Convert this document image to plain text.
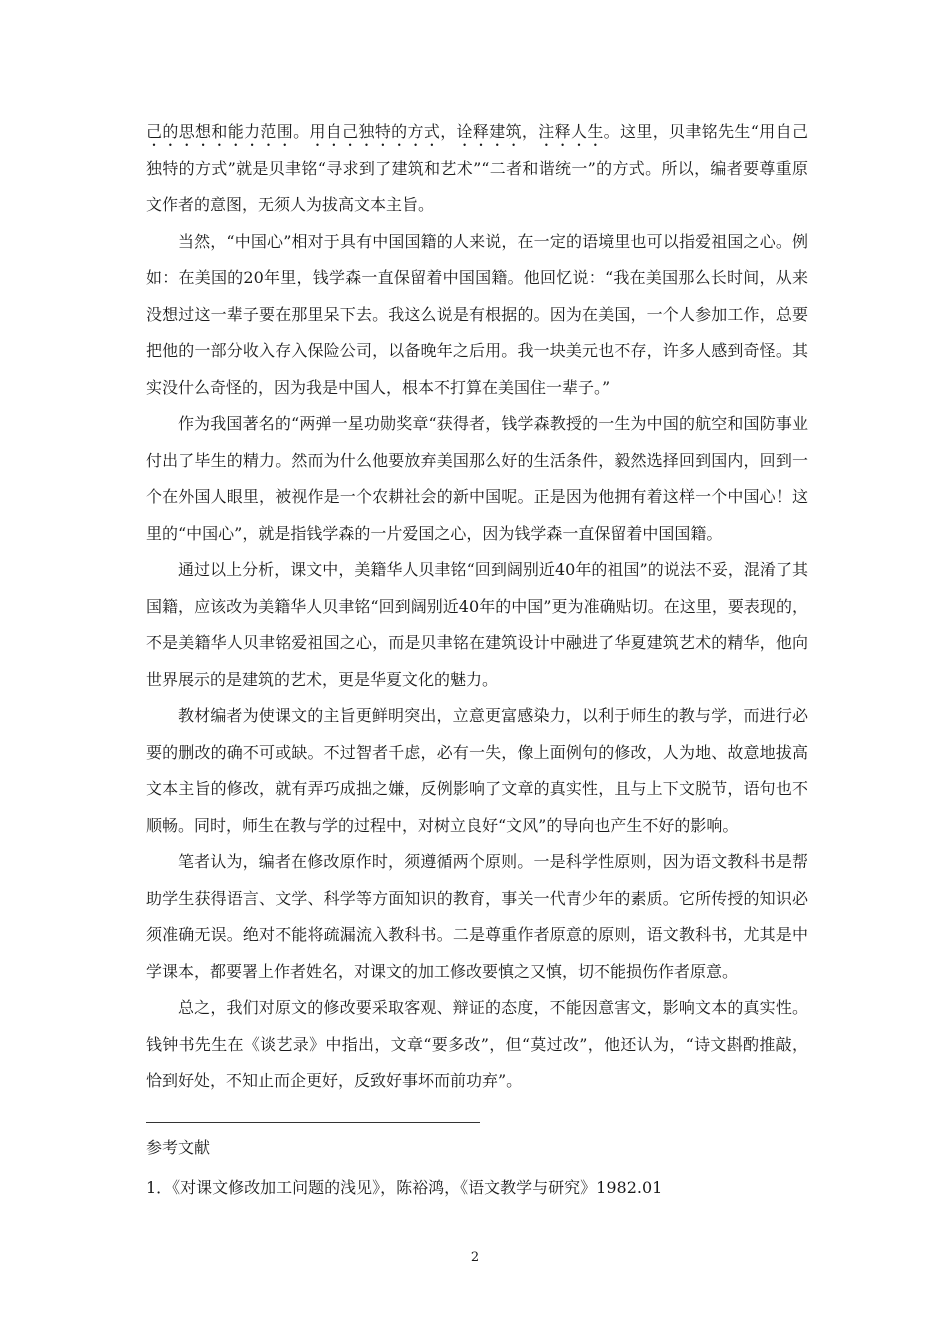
己的思想和能力范围。用自己独特的方式，诠释建筑，注释人生。这里，贝聿铭先生“用自己独特的方式”就是贝聿铭“寻求到了建筑和艺术”“二者和谐统一”的方式。所以，编者要尊重原文作者的意图，无须人为拔高文本主旨。

当然，“中国心”相对于具有中国国籍的人来说，在一定的语境里也可以指爱祖国之心。例如：在美国的20年里，钱学森一直保留着中国国籍。他回忆说：“我在美国那么长时间，从来没想过这一辈子要在那里呆下去。我这么说是有根据的。因为在美国，一个人参加工作，总要把他的一部分收入存入保险公司，以备晚年之后用。我一块美元也不存，许多人感到奇怪。其实没什么奇怪的，因为我是中国人，根本不打算在美国住一辈子。”

作为我国著名的“两弹一星功勋奖章“获得者，钱学森教授的一生为中国的航空和国防事业付出了毕生的精力。然而为什么他要放弃美国那么好的生活条件，毅然选择回到国内，回到一个在外国人眼里，被视作是一个农耕社会的新中国呢。正是因为他拥有着这样一个中国心！这里的“中国心”，就是指钱学森的一片爱国之心，因为钱学森一直保留着中国国籍。

通过以上分析，课文中，美籍华人贝聿铭“回到阔别近40年的祖国”的说法不妥，混淆了其国籍，应该改为美籍华人贝聿铭“回到阔别近40年的中国”更为准确贴切。在这里，要表现的，不是美籍华人贝聿铭爱祖国之心，而是贝聿铭在建筑设计中融进了华夏建筑艺术的精华，他向世界展示的是建筑的艺术，更是华夏文化的魅力。

教材编者为使课文的主旨更鲜明突出，立意更富感染力，以利于师生的教与学，而进行必要的删改的确不可或缺。不过智者千虑，必有一失，像上面例句的修改，人为地、故意地拔高文本主旨的修改，就有弄巧成拙之嫌，反例影响了文章的真实性，且与上下文脱节，语句也不顺畅。同时，师生在教与学的过程中，对树立良好“文风”的导向也产生不好的影响。

笔者认为，编者在修改原作时，须遵循两个原则。一是科学性原则，因为语文教科书是帮助学生获得语言、文学、科学等方面知识的教育，事关一代青少年的素质。它所传授的知识必须准确无误。绝对不能将疏漏流入教科书。二是尊重作者原意的原则，语文教科书，尤其是中学课本，都要署上作者姓名，对课文的加工修改要慎之又慎，切不能损伤作者原意。

总之，我们对原文的修改要采取客观、辩证的态度，不能因意害文，影响文本的真实性。钱钟书先生在《谈艺录》中指出，文章“要多改”，但“莫过改”，他还认为，“诗文斟酌推敲，恰到好处，不知止而企更好，反致好事坏而前功弃”。

参考文献

1．《对课文修改加工问题的浅见》，陈裕鸿，《语文教学与研究》1982.01

2
